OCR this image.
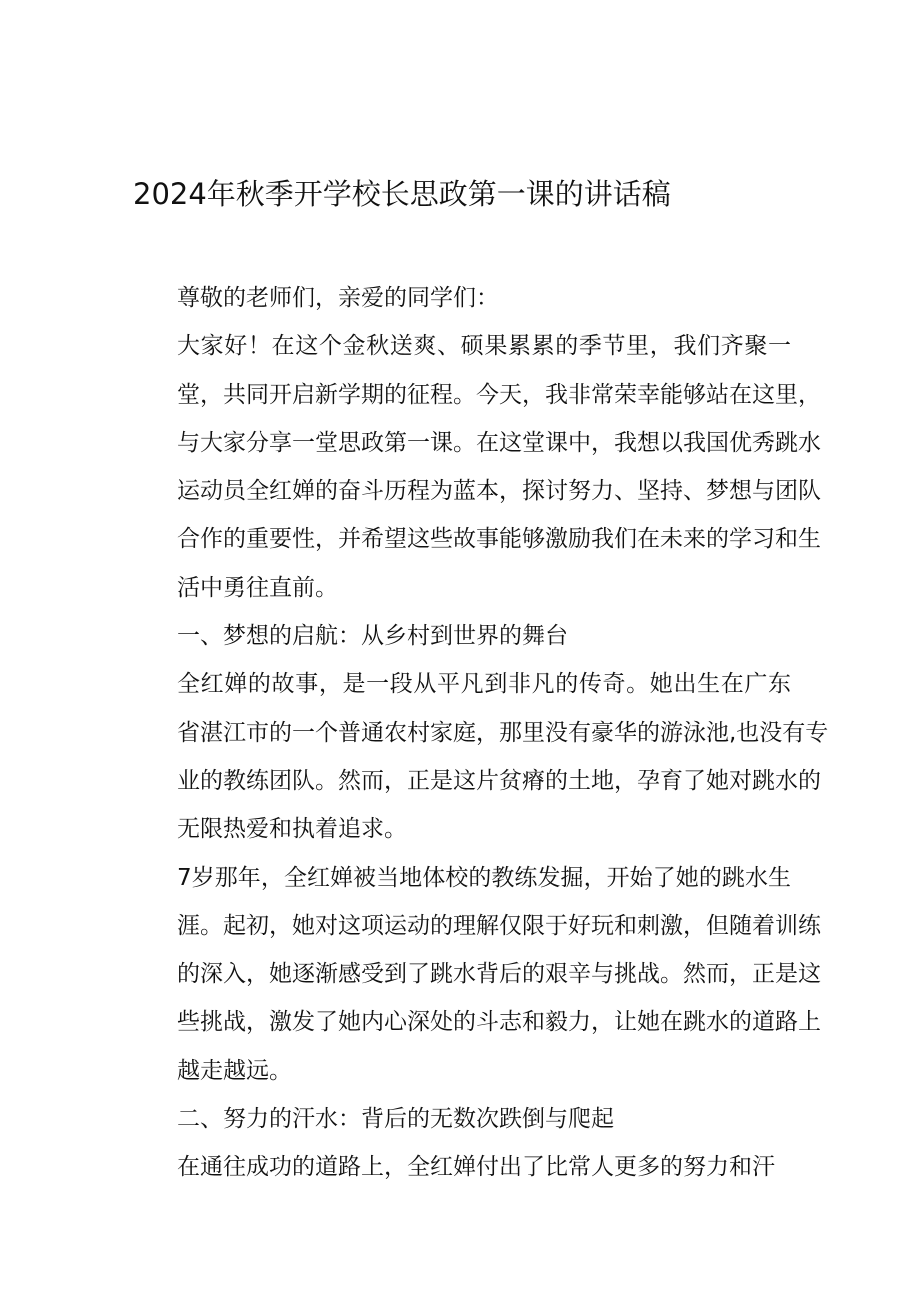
2024年秋季开学校长思政第一课的讲话稿

尊敬的老师们，亲爱的同学们：

大家好！在这个金秋送爽、硕果累累的季节里，我们齐聚一
堂，共同开启新学期的征程。今天，我非常荣幸能够站在这里，
与大家分享一堂思政第一课。在这堂课中，我想以我国优秀跳水
运动员全红婵的奋斗历程为蓝本，探讨努力、坚持、梦想与团队
合作的重要性，并希望这些故事能够激励我们在未来的学习和生
活中勇往直前。

一、梦想的启航：从乡村到世界的舞台

全红婵的故事，是一段从平凡到非凡的传奇。她出生在广东
省湛江市的一个普通农村家庭，那里没有豪华的游泳池,也没有专
业的教练团队。然而，正是这片贫瘠的土地，孕育了她对跳水的
无限热爱和执着追求。

7岁那年，全红婵被当地体校的教练发掘，开始了她的跳水生
涯。起初，她对这项运动的理解仅限于好玩和刺激，但随着训练
的深入，她逐渐感受到了跳水背后的艰辛与挑战。然而，正是这
些挑战，激发了她内心深处的斗志和毅力，让她在跳水的道路上
越走越远。

二、努力的汗水：背后的无数次跌倒与爬起

在通往成功的道路上，全红婵付出了比常人更多的努力和汗
